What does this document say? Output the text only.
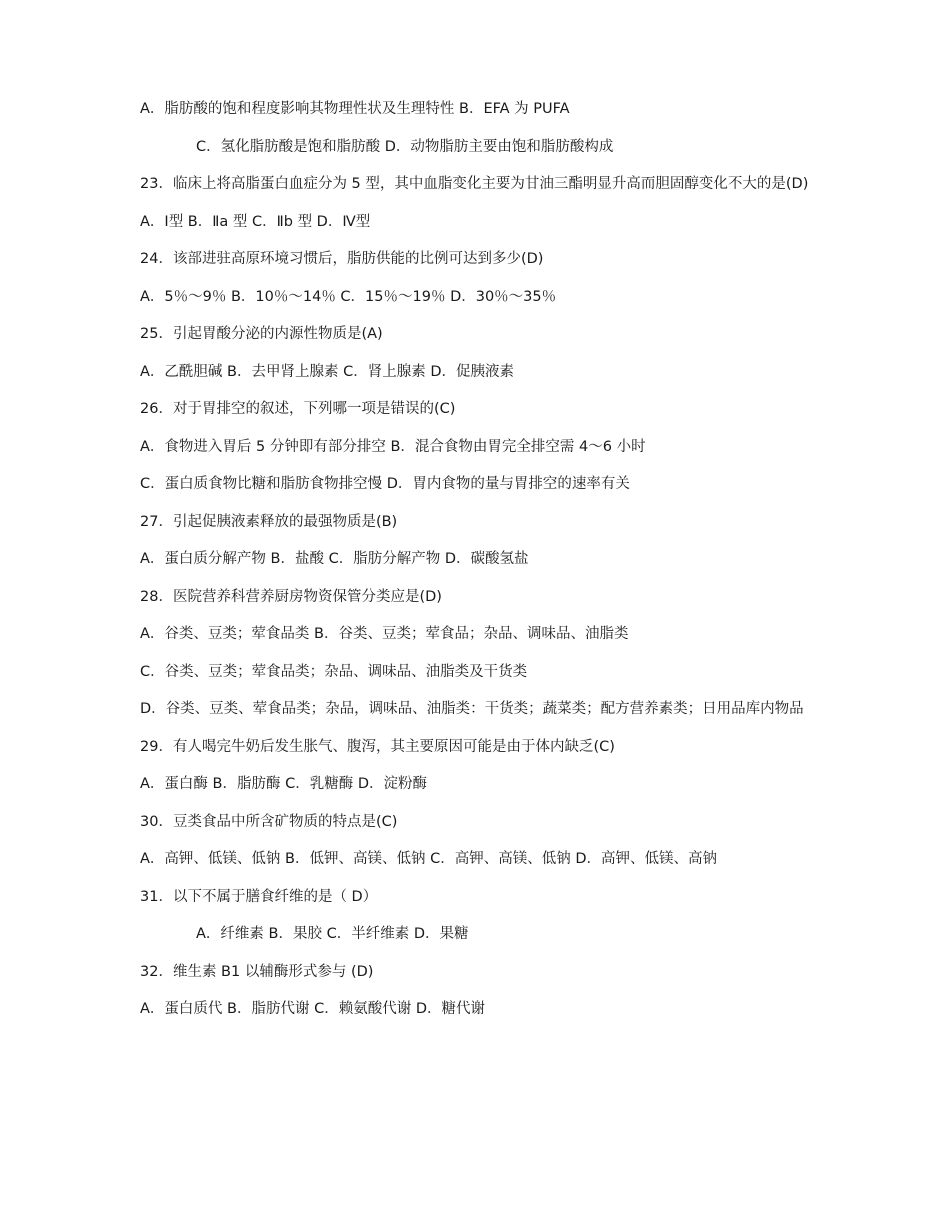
A．脂肪酸的饱和程度影响其物理性状及生理特性 B．EFA 为 PUFA
C．氢化脂肪酸是饱和脂肪酸 D．动物脂肪主要由饱和脂肪酸构成
23．临床上将高脂蛋白血症分为 5 型，其中血脂变化主要为甘油三酯明显升高而胆固醇变化不大的是(D)
A．Ⅰ型 B．Ⅱa 型 C．Ⅱb 型 D．Ⅳ型
24．该部进驻高原环境习惯后，脂肪供能的比例可达到多少(D)
A．5％～9％ B．10％～14％ C．15％～19％ D．30％～35％
25．引起胃酸分泌的内源性物质是(A)
A．乙酰胆碱 B．去甲肾上腺素 C．肾上腺素 D．促胰液素
26．对于胃排空的叙述，下列哪一项是错误的(C)
A．食物进入胃后 5 分钟即有部分排空 B．混合食物由胃完全排空需 4～6 小时
C．蛋白质食物比糖和脂肪食物排空慢 D．胃内食物的量与胃排空的速率有关
27．引起促胰液素释放的最强物质是(B)
A．蛋白质分解产物 B．盐酸 C．脂肪分解产物 D．碳酸氢盐
28．医院营养科营养厨房物资保管分类应是(D)
A．谷类、豆类；荤食品类 B．谷类、豆类；荤食品；杂品、调味品、油脂类
C．谷类、豆类；荤食品类；杂品、调味品、油脂类及干货类
D．谷类、豆类、荤食品类；杂品，调味品、油脂类：干货类；蔬菜类；配方营养素类；日用品库内物品
29．有人喝完牛奶后发生胀气、腹泻，其主要原因可能是由于体内缺乏(C)
A．蛋白酶 B．脂肪酶 C．乳糖酶 D．淀粉酶
30．豆类食品中所含矿物质的特点是(C)
A．高钾、低镁、低钠 B．低钾、高镁、低钠 C．高钾、高镁、低钠 D．高钾、低镁、高钠
31．以下不属于膳食纤维的是（ D）
A．纤维素 B．果胶 C．半纤维素 D．果糖
32．维生素 B1 以辅酶形式参与 (D)
A．蛋白质代 B．脂肪代谢 C．赖氨酸代谢 D．糖代谢
